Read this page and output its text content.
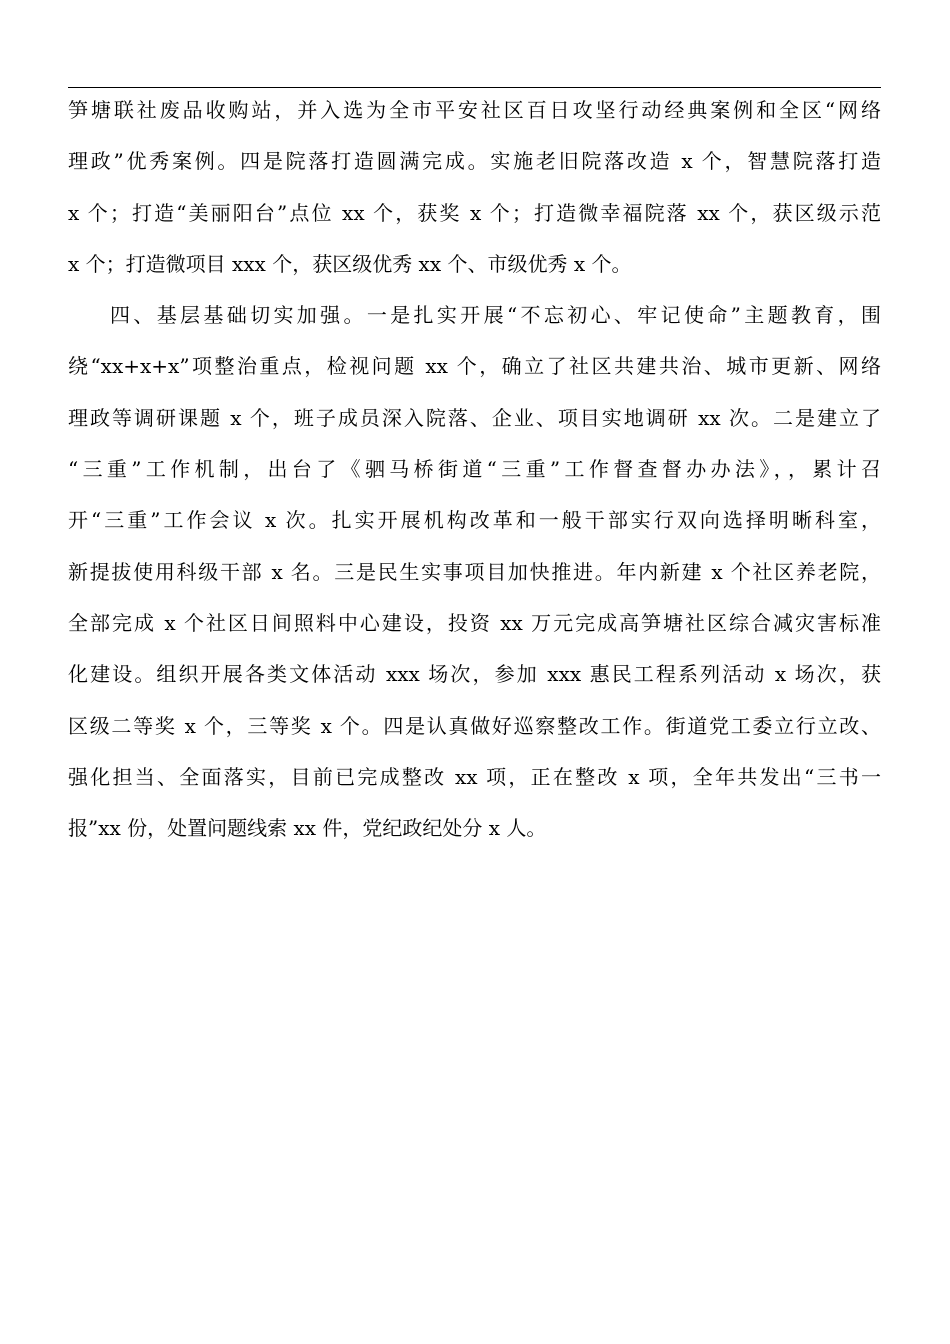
笋塘联社废品收购站，并入选为全市平安社区百日攻坚行动经典案例和全区“网络
理政”优秀案例。四是院落打造圆满完成。实施老旧院落改造 x 个，智慧院落打造
x 个；打造“美丽阳台”点位 xx 个，获奖 x 个；打造微幸福院落 xx 个，获区级示范
x 个；打造微项目 xxx 个，获区级优秀 xx 个、市级优秀 x 个。
四、基层基础切实加强。一是扎实开展“不忘初心、牢记使命”主题教育，围
绕“xx+x+x”项整治重点，检视问题 xx 个，确立了社区共建共治、城市更新、网络
理政等调研课题 x 个，班子成员深入院落、企业、项目实地调研 xx 次。二是建立了
“三重”工作机制，出台了《驷马桥街道“三重”工作督查督办办法》，，累计召
开“三重”工作会议 x 次。扎实开展机构改革和一般干部实行双向选择明晰科室，
新提拔使用科级干部 x 名。三是民生实事项目加快推进。年内新建 x 个社区养老院，
全部完成 x 个社区日间照料中心建设，投资 xx 万元完成高笋塘社区综合减灾害标准
化建设。组织开展各类文体活动 xxx 场次，参加 xxx 惠民工程系列活动 x 场次，获
区级二等奖 x 个，三等奖 x 个。四是认真做好巡察整改工作。街道党工委立行立改、
强化担当、全面落实，目前已完成整改 xx 项，正在整改 x 项，全年共发出“三书一
报”xx 份，处置问题线索 xx 件，党纪政纪处分 x 人。
